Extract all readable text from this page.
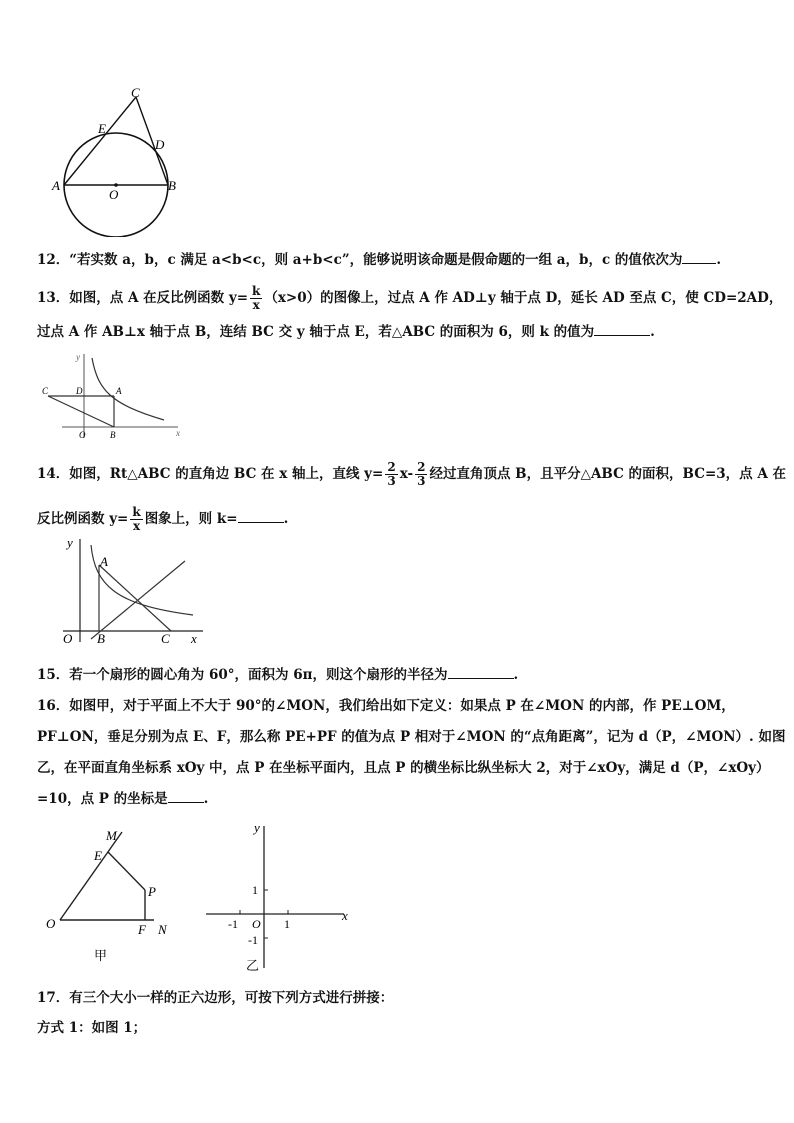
C
E
D
A
O
B
12．“若实数 a，b，c 满足 a<b<c，则 a+b<c”，能够说明该命题是假命题的一组 a，b，c 的值依次为	.
13．如图，点 A 在反比例函数 $y= \frac{k}{x} (x>0)$的图像上，过点 A 作 AD⊥y 轴于点 D，延长 AD 至点 C，使 CD=2AD，
过点 A 作 AB⊥x 轴于点 B，连结 BC 交 y 轴于点 E，若△ABC 的面积为 6，则 k 的值为	.
y
D	A
C
O	B	x
14．如图，Rt△ABC 的直角边 BC 在 x 轴上，直线 $y= \frac{2}{3} x- \frac{2}{3}$ 经过直角顶点 B，且平分△ABC 的面积，BC=3，点 A 在
反比例函数 $y= \frac{k}{x}$ 图象上，则 k=	.
y
A
O B	C x
15．若一个扇形的圆心角为 60°，面积为 6π，则这个扇形的半径为	.
16．如图甲，对于平面上不大于 90°的∠MON，我们给出如下定义：如果点 P 在∠MON 的内部，作 PE⊥OM，
PF⊥ON，垂足分别为点 E、F，那么称 PE+PF 的值为点 P 相对于∠MON 的“点角距离”，记为 d（P，∠MON）. 如图
乙，在平面直角坐标系 xOy 中，点 P 在坐标平面内，且点 P 的横坐标比纵坐标大 2，对于∠xOy，满足 d（P，∠xOy）
=10，点 P 的坐标是	.
M
E
P
O	F N
甲
y
1
-1 O 1
-1
x
乙
17．有三个大小一样的正六边形，可按下列方式进行拼接：
方式 1：如图 1；
